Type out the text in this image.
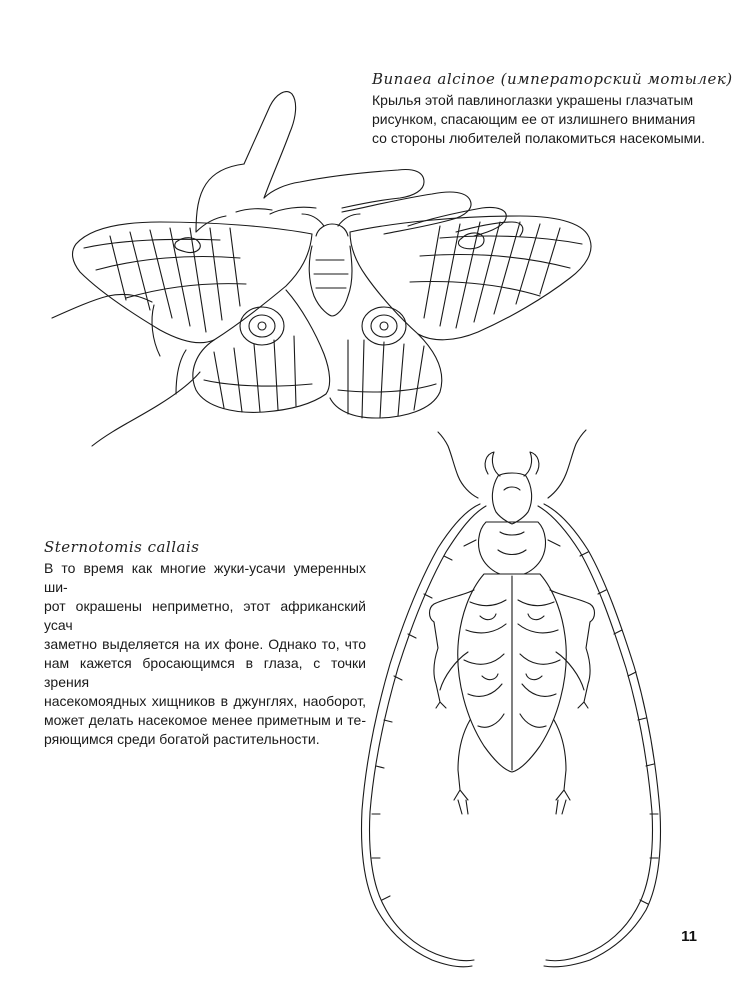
Bunaea alcinoe (императорский мотылек)

Крылья этой павлиноглазки украшены глазчатым
рисунком, спасающим ее от излишнего внимания
со стороны любителей полакомиться насекомыми.

Sternotomis callais

В то время как многие жуки-усачи умеренных ши-
рот окрашены неприметно, этот африканский усач
заметно выделяется на их фоне. Однако то, что
нам кажется бросающимся в глаза, с точки зрения
насекомоядных хищников в джунглях, наоборот,
может делать насекомое менее приметным и те-
ряющимся среди богатой растительности.
11
